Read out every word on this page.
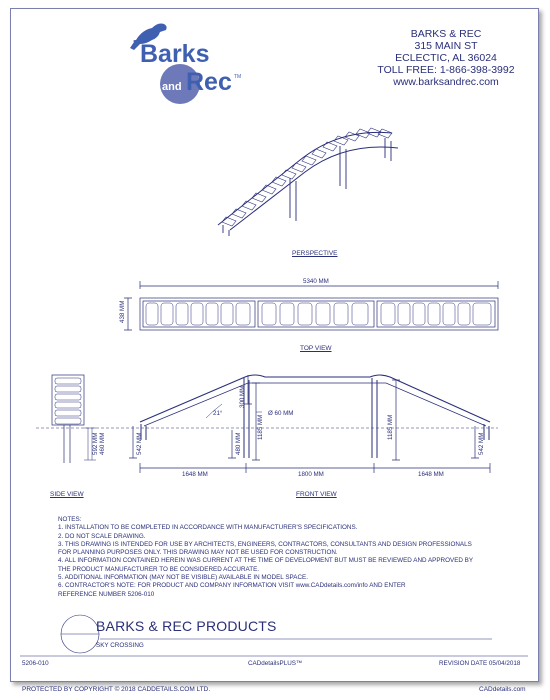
Barks
and Rec TM
BARKS & REC
315 MAIN ST
ECLECTIC, AL 36024
TOLL FREE: 1-866-398-3992
www.barksandrec.com
5340 MM
438 MM
21°	Ø 60 MM
300 MM
1185 MM	1185 MM
480 MM	542 MM
542 MM
592 MM 460 MM
1648 MM	1800 MM	1648 MM
PERSPECTIVE
TOP VIEW
SIDE VIEW	FRONT VIEW
NOTES:
1. INSTALLATION TO BE COMPLETED IN ACCORDANCE WITH MANUFACTURER'S SPECIFICATIONS.
2. DO NOT SCALE DRAWING.
3. THIS DRAWING IS INTENDED FOR USE BY ARCHITECTS, ENGINEERS, CONTRACTORS, CONSULTANTS AND DESIGN PROFESSIONALS
FOR PLANNING PURPOSES ONLY. THIS DRAWING MAY NOT BE USED FOR CONSTRUCTION.
4. ALL INFORMATION CONTAINED HEREIN WAS CURRENT AT THE TIME OF DEVELOPMENT BUT MUST BE REVIEWED AND APPROVED BY
THE PRODUCT MANUFACTURER TO BE CONSIDERED ACCURATE.
5. ADDITIONAL INFORMATION (MAY NOT BE VISIBLE) AVAILABLE IN MODEL SPACE.
6. CONTRACTOR'S NOTE: FOR PRODUCT AND COMPANY INFORMATION VISIT www.CADdetails.com/info AND ENTER
REFERENCE NUMBER 5206-010
BARKS & REC PRODUCTS
SKY CROSSING
5206-010	CADdetailsPLUS™	REVISION DATE 05/04/2018
PROTECTED BY COPYRIGHT © 2018 CADDETAILS.COM LTD.	CADdetails.com
